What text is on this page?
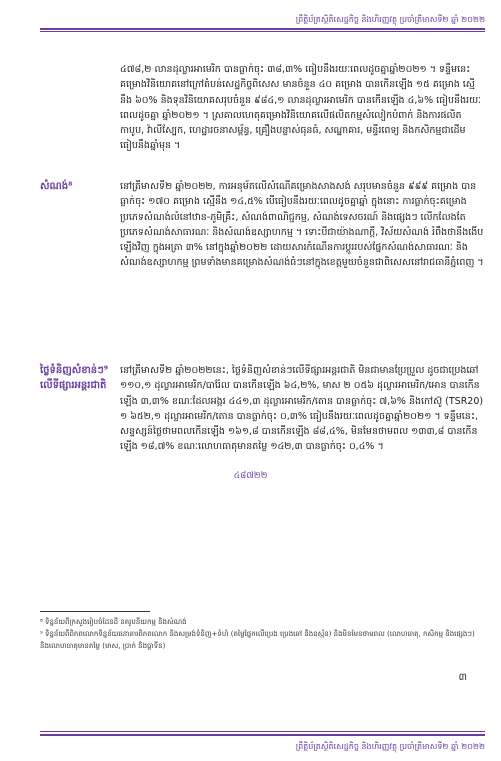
ព្រឹត្តិប័ត្រស្ថិតិសេដ្ឋកិច្ច និងហិរញ្ញវត្ថុ ប្រចាំត្រីមាសទី២ ឆ្នាំ ២០២២
៤៧៨,២ លានដុល្លារអាមេរិក បានធ្លាក់ចុះ ៣៨,៣% ធៀបនឹងរយៈពេលដូចគ្នាឆ្នាំ២០២១ ។ ទន្ទឹមនេះ គម្រោងវិនិយោគនៅក្រៅតំបន់សេដ្ឋកិច្ចពិសេស មានចំនួន ៤០ គម្រោង បានកើនឡើង ១៥ គម្រោង ស្មើនឹង ៦០% និងទុនវិនិយោគសរុបចំនួន ៩៨៤,១ លានដុល្លារអាមេរិក បានកើនឡើង ៤,៦% ធៀបនឹងរយៈពេលដូចគ្នា ឆ្នាំ២០២១ ។ ស្រគាលហេតុគម្រោងវិនិយោគលើផលិតកម្មសំលៀកបំពាក់ និងការផលិតកាបូប, វ៉ាលីស្បែក, ហេដ្ឋារចនាសម្ព័ន្ធ, គ្រឿងបន្លាស់ធុនធំ, សណ្ឋាគារ, មន្ទីរពេទ្យ និងកសិកម្មជាដើម ធៀបនឹងឆ្នាំមុន ។
សំណង់⁸	នៅត្រីមាសទី២ ឆ្នាំ២០២២, ការអនុម័តលើសំណើគម្រោងសាងសង់ សរុបមានចំនួន ៩៩៩ គម្រោង បានធ្លាក់ចុះ ១៧០ គម្រោង ស្មើនឹង ១៤,៥% បើធៀបនឹងរយៈពេលដូចគ្នាឆ្នាំ ក្នុងនោះ ការធ្លាក់ចុះគម្រោងប្រភេទសំណង់លំនៅឋាន-ភូមិគ្រឹះ, សំណង់ពាណិជ្ជកម្ម, សំណង់ទេសចរណ៍ និងផ្សេងៗ លើកលែងតែប្រភេទសំណង់សាធារណៈ និងសំណង់ឧស្សាហកម្ម ។ ទោះបីជាយ៉ាងណាក្តី, វិស័យសំណង់ រំពឹងថានឹងងើបឡើងវិញ ក្នុងអត្រា ៣% នៅក្នុងឆ្នាំ២០២២ ដោយសារកំណើនការប្តូររបស់ផ្នែកសំណង់សាធារណៈ និងសំណង់ឧស្សាហកម្ម ព្រមទាំងមានគម្រោងសំណង់ធំៗនៅក្នុងខេត្តមួយចំនួនជាពិសេសនៅរាជធានីភ្នំពេញ ។
ថ្លៃទំនិញសំខាន់ៗ⁹ លើទីផ្សារអន្តរជាតិ
នៅត្រីមាសទី២ ឆ្នាំ២០២២នេះ, ថ្លៃទំនិញសំខាន់ៗលើទីផ្សារអន្តរជាតិ មិនជាមានប្រែប្រួល ដូចជាប្រេងឆៅ ១១០,១ ដុល្លារអាមេរិក/បារ៉ែល បានកើនឡើង ៦៤,២%, មាស ២ ០៥៦ ដុល្លារអាមេរិក/អោន បានកើនឡើង ៣,៣% ខណៈដែលអង្ករ ៤៤១,៣ ដុល្លារអាមេរិក/តោន បានធ្លាក់ចុះ ៧,៦% និងកៅស៊ូ (TSR20) ១ ៦៥២,១ ដុល្លារអាមេរិក/តោន បានធ្លាក់ចុះ ០,៣% ធៀបនឹងរយៈពេលដូចគ្នាឆ្នាំ២០២១ ។ ទន្ទឹមនេះ, សន្ទស្សន៍ថ្លៃថាមពលកើនឡើង ១៦១,៨ បានកើនឡើង ៨៨,៤%, មិនមែនថាមពល ១៣៣,៨ បានកើនឡើង ១៨,៧% ខណៈលោហធាតុមានតម្លៃ ១៤២,៣ បានធ្លាក់ចុះ ០,៤% ។
៤៨៧២២
⁸ ទិន្នន័យពីក្រសួងរៀបចំដែនដី នគរូបនីយកម្ម និងសំណង់
⁹ ទិន្នន័យពីពិភពលោកទិន្នន័យធនាគារពិភពលោក និងសម្រង់ទំនិញ+ទំហំ (តម្លៃផ្នែកលើប្រេង ប្រេងឆៅ និងឧស្ម័ន) និងមិនមែនថាមពល (លោហធាតុ, កសិកម្ម និងផ្សេងៗ) និងលោហធាតុមានតម្លៃ (មាស, ប្រាក់ និងប្លាទីន)
៣
ព្រឹត្តិប័ត្រស្ថិតិសេដ្ឋកិច្ច និងហិរញ្ញវត្ថុ ប្រចាំត្រីមាសទី២ ឆ្នាំ ២០២២
